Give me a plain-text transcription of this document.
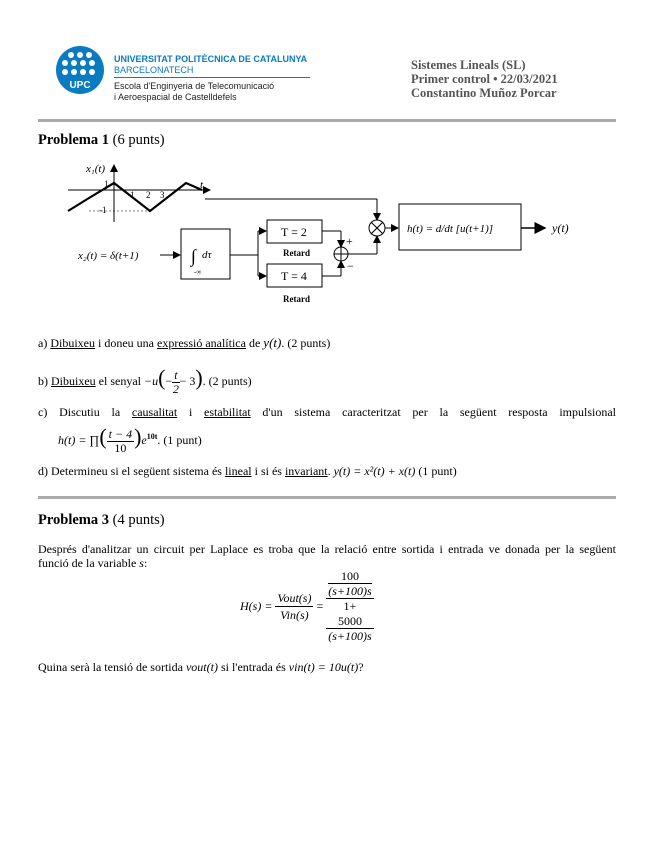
UPC
UNIVERSITAT POLITÈCNICA DE CATALUNYA
BARCELONATECH
Escola d'Enginyeria de Telecomunicació
i Aeroespacial de Castelldefels
Sistemes Lineals (SL)
Primer control • 22/03/2021
Constantino Muñoz Porcar
Problema 1 (6 punts)
x₁(t)
t
1
-1
1 2 3
x₂(t) = δ(t+1)	∫ dτ
-∞
T = 2
Retard
T = 4
Retard
+
−
h(t) = d/dt [u(t+1)]	y(t)
a) Dibuixeu i doneu una expressió analítica de y(t). (2 punts)
b) Dibuixeu el senyal $-u(- \frac{t}{2} - 3)$. (2 punts)
c) Discutiu la causalitat i estabilitat d'un sistema caracteritzat per la següent resposta impulsional
h(t) = ∏( $\frac{t - 4}{10} )e^{10t}$. (1 punt)
d) Determineu si el següent sistema és lineal i si és invariant. y(t) = x²(t) + x(t) (1 punt)
Problema 3 (4 punts)
Després d'analitzar un circuit per Laplace es troba que la relació entre sortida i entrada ve donada per la següent
funció de la variable s:
$H(s) = \frac{\text{Vout(s)}}{\text{Vin(s)}} = 100$
(s+100)s
1+
5000
(s+100)s
Quina serà la tensió de sortida vout(t) si l'entrada és vin(t) = 10u(t)?
